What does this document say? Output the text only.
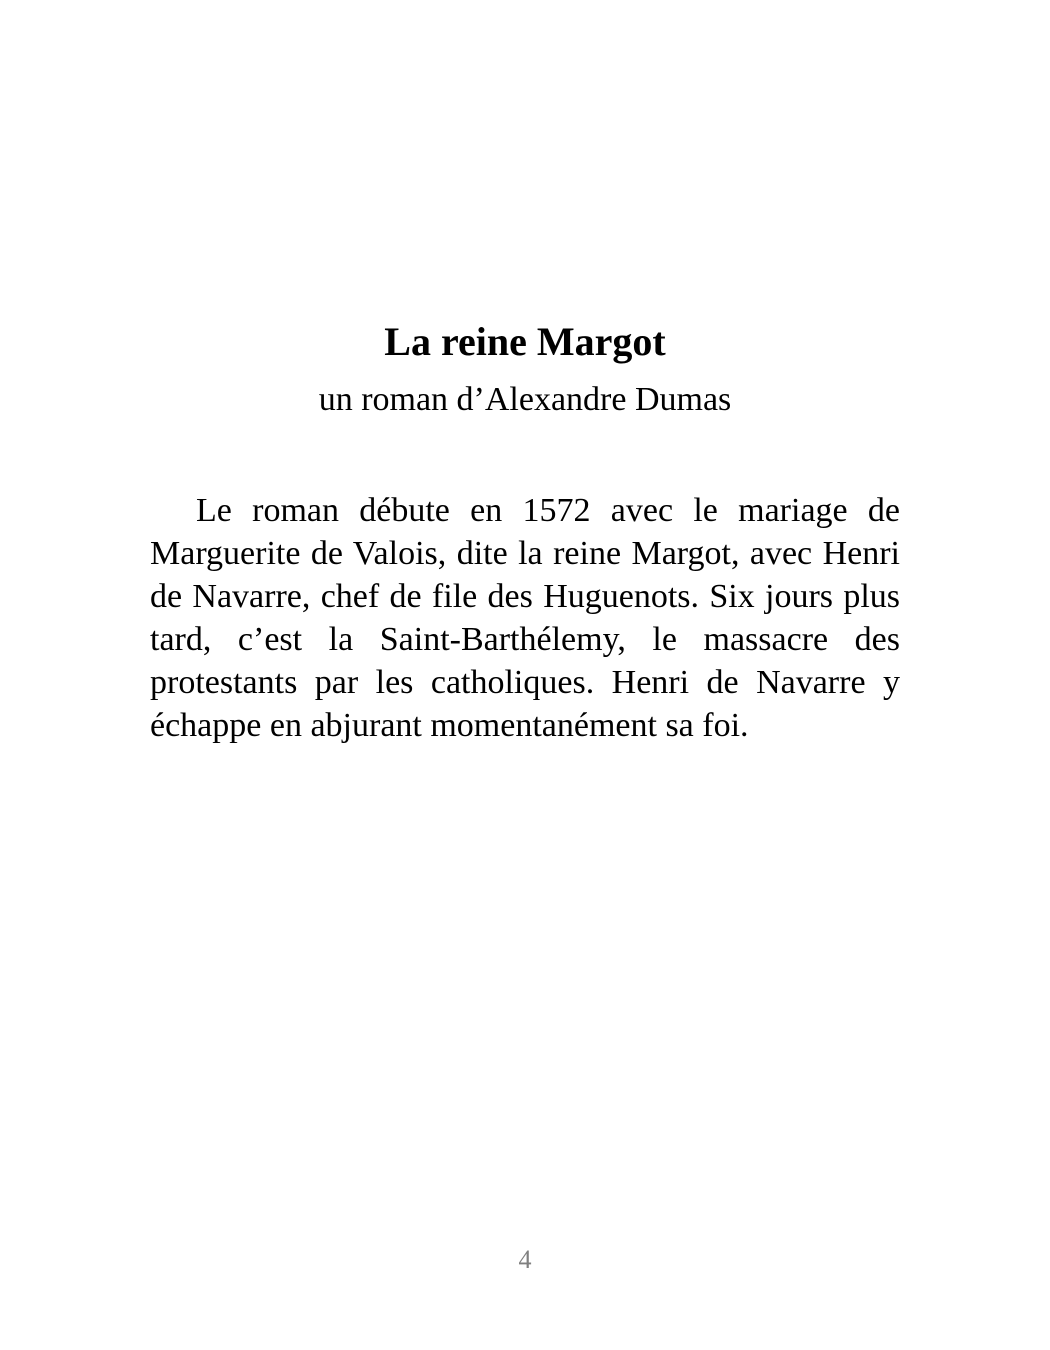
La reine Margot

un roman d’Alexandre Dumas

Le roman débute en 1572 avec le mariage de Marguerite de Valois, dite la reine Margot, avec Henri de Navarre, chef de file des Huguenots. Six jours plus tard, c’est la Saint-Barthélemy, le massacre des protestants par les catholiques. Henri de Navarre y échappe en abjurant momentanément sa foi.

4
